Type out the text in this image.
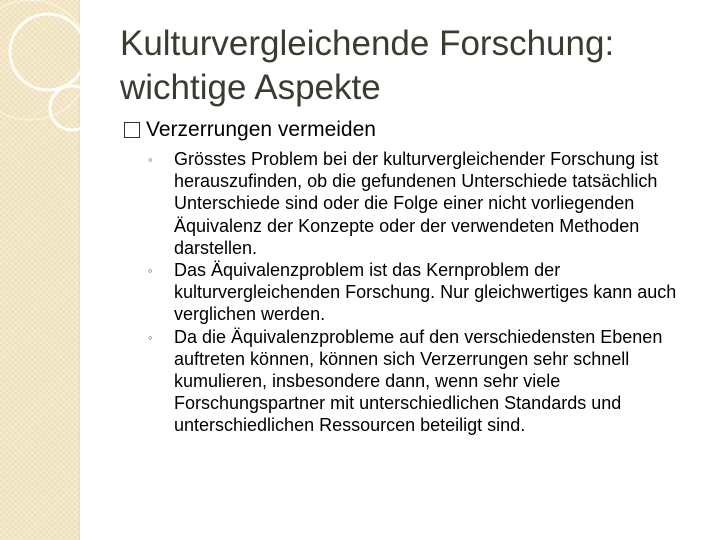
Kulturvergleichende Forschung:
wichtige Aspekte
Verzerrungen vermeiden
◦	Grösstes Problem bei der kulturvergleichender Forschung ist herauszufinden, ob die gefundenen Unterschiede tatsächlich Unterschiede sind oder die Folge einer nicht vorliegenden Äquivalenz der Konzepte oder der verwendeten Methoden darstellen.
◦	Das Äquivalenzproblem ist das Kernproblem der kulturvergleichenden Forschung. Nur gleichwertiges kann auch verglichen werden.
◦	Da die Äquivalenzprobleme auf den verschiedensten Ebenen auftreten können, können sich Verzerrungen sehr schnell kumulieren, insbesondere dann, wenn sehr viele Forschungspartner mit unterschiedlichen Standards und unterschiedlichen Ressourcen beteiligt sind.
